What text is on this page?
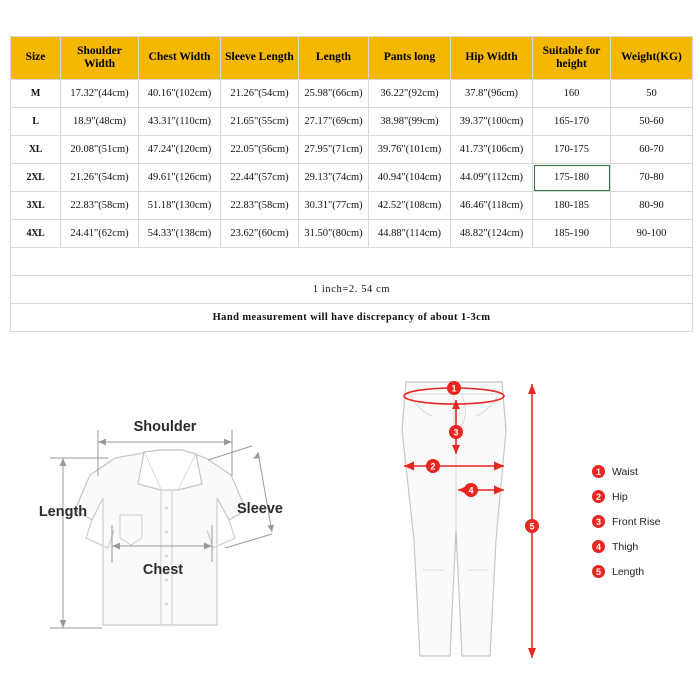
Size	Shoulder Width	Chest Width	Sleeve Length	Length	Pants long	Hip Width	Suitable for height	Weight(KG)
M	17.32"(44cm)	40.16"(102cm)	21.26"(54cm)	25.98"(66cm)	36.22"(92cm)	37.8"(96cm)	160	50
L	18.9"(48cm)	43.31"(110cm)	21.65"(55cm)	27.17"(69cm)	38.98"(99cm)	39.37"(100cm)	165-170	50-60
XL	20.08"(51cm)	47.24"(120cm)	22.05"(56cm)	27.95"(71cm)	39.76"(101cm)	41.73"(106cm)	170-175	60-70
2XL	21.26"(54cm)	49.61"(126cm)	22.44"(57cm)	29.13"(74cm)	40.94"(104cm)	44.09"(112cm)	175-180	70-80
3XL	22.83"(58cm)	51.18"(130cm)	22.83"(58cm)	30.31"(77cm)	42.52"(108cm)	46.46"(118cm)	180-185	80-90
4XL	24.41"(62cm)	54.33"(138cm)	23.62"(60cm)	31.50"(80cm)	44.88"(114cm)	48.82"(124cm)	185-190	90-100

1 inch=2. 54 cm								
Hand measurement will have discrepancy of about 1-3cm								
Shoulder
Length	Sleeve
Chest
1
2
3
4
5
1	Waist
2	Hip
3	Front Rise
4	Thigh
5	Length
